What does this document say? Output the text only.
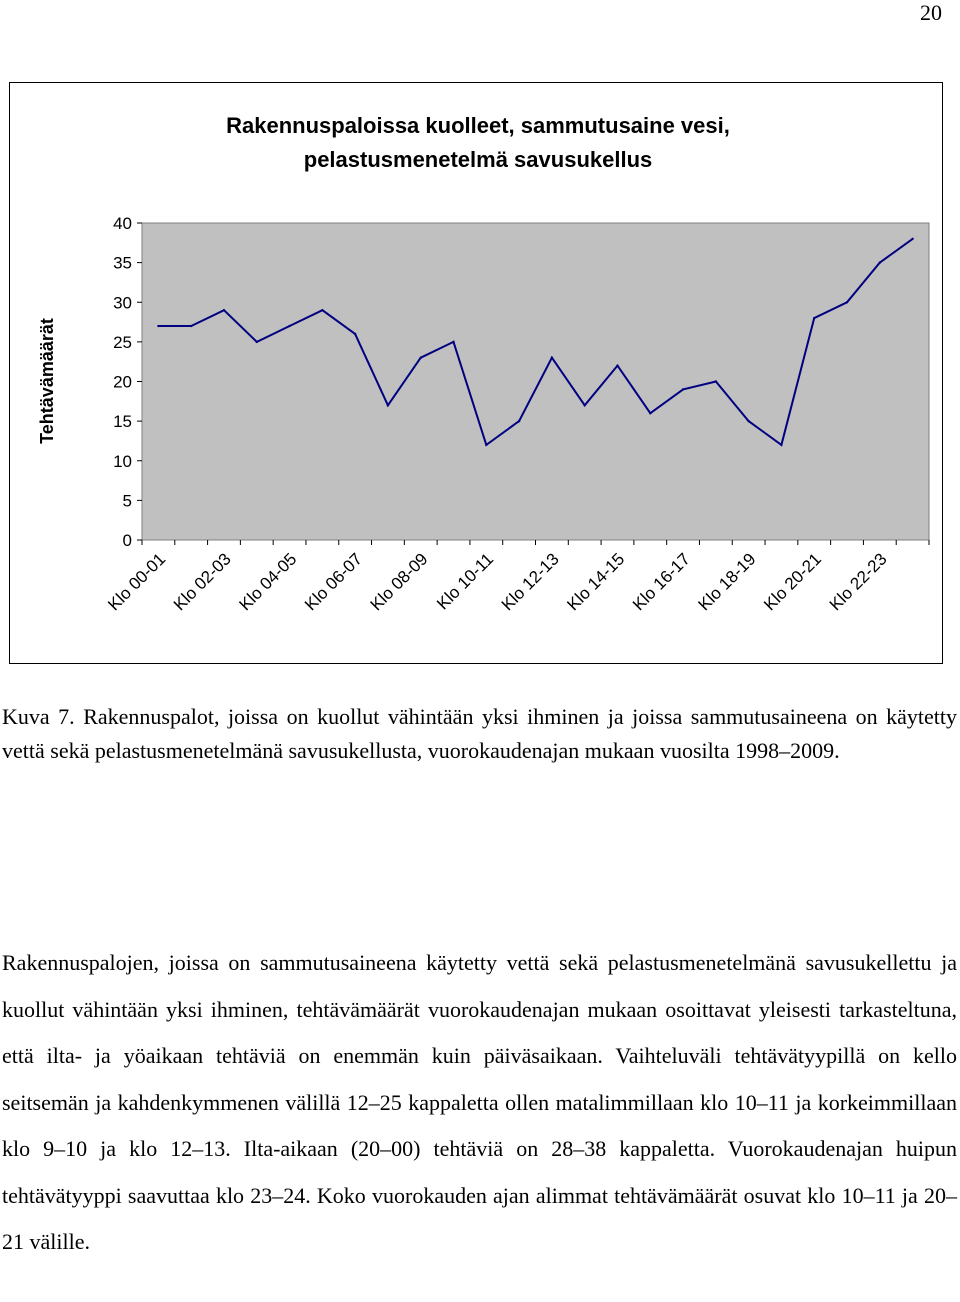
20
Rakennuspaloissa kuolleet, sammutusaine vesi,
pelastusmenetelmä savusukellus
Tehtävämäärät
0
5
10
15
20
25
30
35
40
Klo 00-01 Klo 02-03 Klo 04-05 Klo 06-07 Klo 08-09 Klo 10-11 Klo 12-13 Klo 14-15 Klo 16-17 Klo 18-19 Klo 20-21 Klo 22-23

Kuva 7. Rakennuspalot, joissa on kuollut vähintään yksi ihminen ja joissa sammutusaineena on käytetty vettä sekä pelastusmenetelmänä savusukellusta, vuorokaudenajan mukaan vuosilta 1998–2009.

Rakennuspalojen, joissa on sammutusaineena käytetty vettä sekä pelastusmenetelmänä savusukellettu ja kuollut vähintään yksi ihminen, tehtävämäärät vuorokaudenajan mukaan osoittavat yleisesti tarkasteltuna, että ilta- ja yöaikaan tehtäviä on enemmän kuin päiväsaikaan. Vaihteluväli tehtävätyypillä on kello seitsemän ja kahdenkymmenen välillä 12–25 kappaletta ollen matalimmillaan klo 10–11 ja korkeimmillaan klo 9–10 ja klo 12–13. Ilta-aikaan (20–00) tehtäviä on 28–38 kappaletta. Vuorokaudenajan huipun tehtävätyyppi saavuttaa klo 23–24. Koko vuorokauden ajan alimmat tehtävämäärät osuvat klo 10–11 ja 20–21 välille.
